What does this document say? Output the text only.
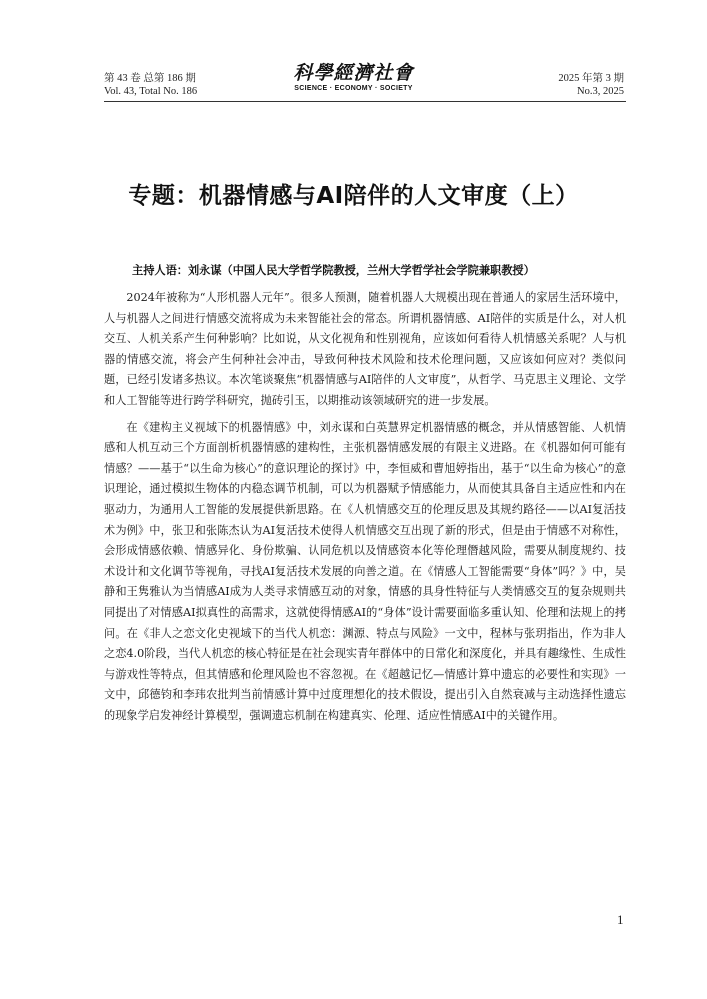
第 43 卷 总第 186 期
Vol. 43, Total No. 186
科學經濟社會
SCIENCE · ECONOMY · SOCIETY
2025 年第 3 期
No.3, 2025
专题：机器情感与AI陪伴的人文审度（上）
主持人语：刘永谋（中国人民大学哲学院教授，兰州大学哲学社会学院兼职教授）

2024年被称为“人形机器人元年”。很多人预测，随着机器人大规模出现在普通人的家居生活环境中，人与机器人之间进行情感交流将成为未来智能社会的常态。所谓机器情感、AI陪伴的实质是什么，对人机交互、人机关系产生何种影响？比如说，从文化视角和性别视角，应该如何看待人机情感关系呢？人与机器的情感交流，将会产生何种社会冲击，导致何种技术风险和技术伦理问题，又应该如何应对？类似问题，已经引发诸多热议。本次笔谈聚焦“机器情感与AI陪伴的人文审度”，从哲学、马克思主义理论、文学和人工智能等进行跨学科研究，抛砖引玉，以期推动该领域研究的进一步发展。

在《建构主义视域下的机器情感》中，刘永谋和白英慧界定机器情感的概念，并从情感智能、人机情感和人机互动三个方面剖析机器情感的建构性，主张机器情感发展的有限主义进路。在《机器如何可能有情感？——基于“以生命为核心”的意识理论的探讨》中，李恒威和曹旭婷指出，基于“以生命为核心”的意识理论，通过模拟生物体的内稳态调节机制，可以为机器赋予情感能力，从而使其具备自主适应性和内在驱动力，为通用人工智能的发展提供新思路。在《人机情感交互的伦理反思及其规约路径——以AI复活技术为例》中，张卫和张陈杰认为AI复活技术使得人机情感交互出现了新的形式，但是由于情感不对称性，会形成情感依赖、情感异化、身份欺骗、认同危机以及情感资本化等伦理僭越风险，需要从制度规约、技术设计和文化调节等视角，寻找AI复活技术发展的向善之道。在《情感人工智能需要“身体”吗？》中，吴静和王隽雅认为当情感AI成为人类寻求情感互动的对象，情感的具身性特征与人类情感交互的复杂规则共同提出了对情感AI拟真性的高需求，这就使得情感AI的“身体”设计需要面临多重认知、伦理和法规上的拷问。在《非人之恋文化史视域下的当代人机恋：渊源、特点与风险》一文中，程林与张玥指出，作为非人之恋4.0阶段，当代人机恋的核心特征是在社会现实青年群体中的日常化和深度化，并具有趣缘性、生成性与游戏性等特点，但其情感和伦理风险也不容忽视。在《超越记忆—情感计算中遗忘的必要性和实现》一文中，邱德钧和李玮农批判当前情感计算中过度理想化的技术假设，提出引入自然衰减与主动选择性遗忘的现象学启发神经计算模型，强调遗忘机制在构建真实、伦理、适应性情感AI中的关键作用。

1
